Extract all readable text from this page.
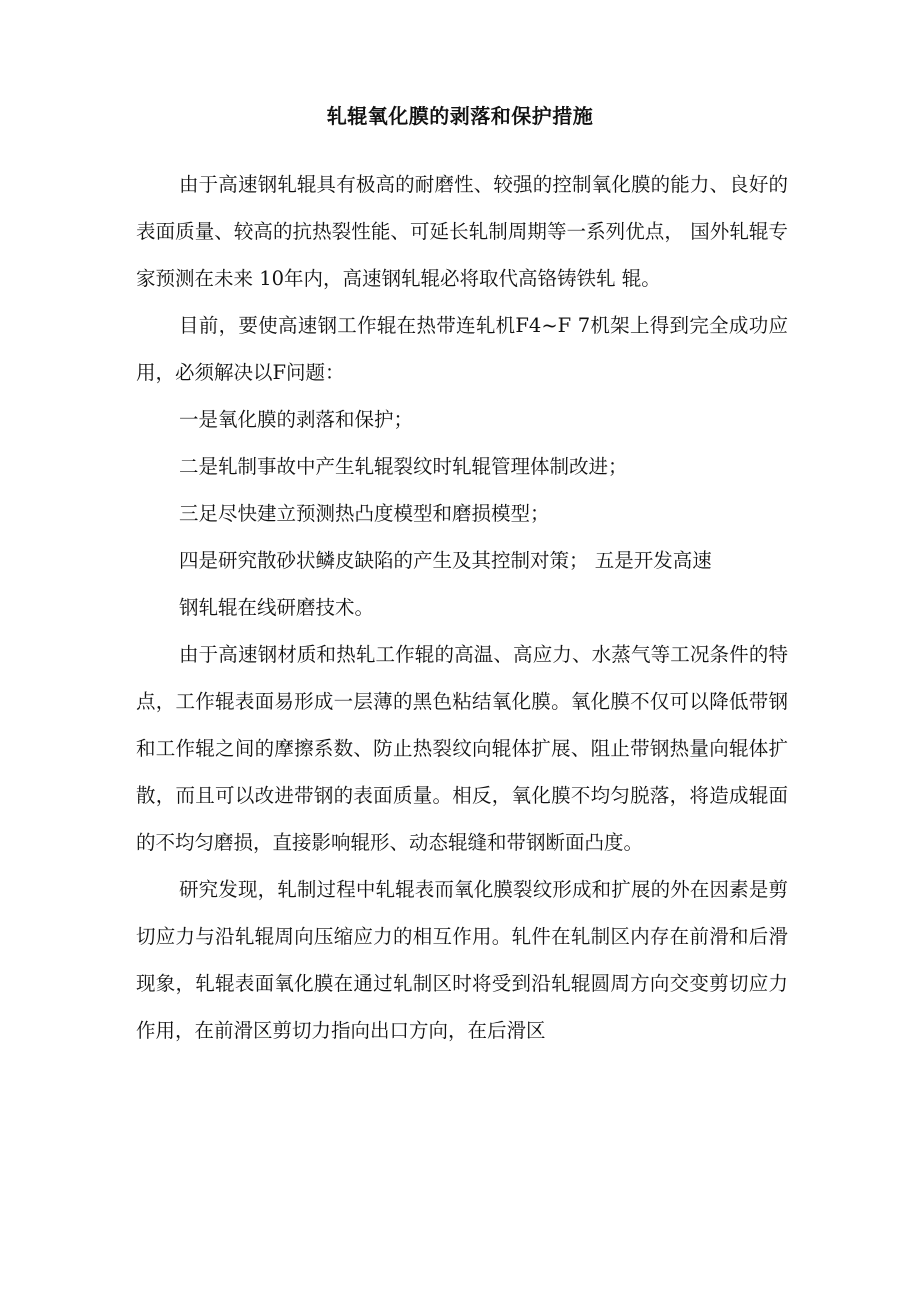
轧辊氧化膜的剥落和保护措施

由于高速钢轧辊具有极高的耐磨性、较强的控制氧化膜的能力、良好的表面质量、较高的抗热裂性能、可延长轧制周期等一系列优点， 国外轧辊专家预测在未来 10年内，高速钢轧辊必将取代高铬铸铁轧 辊。

目前，要使高速钢工作辊在热带连轧机F4~F 7机架上得到完全成功应用，必须解决以F问题：

一是氧化膜的剥落和保护；

二是轧制事故中产生轧辊裂纹时轧辊管理体制改进；

三足尽快建立预测热凸度模型和磨损模型；

四是研究散砂状鳞皮缺陷的产生及其控制对策； 五是开发高速

钢轧辊在线研磨技术。

由于高速钢材质和热轧工作辊的高温、高应力、水蒸气等工况条件的特点，工作辊表面易形成一层薄的黑色粘结氧化膜。氧化膜不仅可以降低带钢和工作辊之间的摩擦系数、防止热裂纹向辊体扩展、阻止带钢热量向辊体扩散，而且可以改进带钢的表面质量。相反，氧化膜不均匀脱落，将造成辊面的不均匀磨损，直接影响辊形、动态辊缝和带钢断面凸度。

研究发现，轧制过程中轧辊表而氧化膜裂纹形成和扩展的外在因素是剪切应力与沿轧辊周向压缩应力的相互作用。轧件在轧制区内存在前滑和后滑现象，轧辊表面氧化膜在通过轧制区时将受到沿轧辊圆周方向交变剪切应力作用，在前滑区剪切力指向出口方向，在后滑区
